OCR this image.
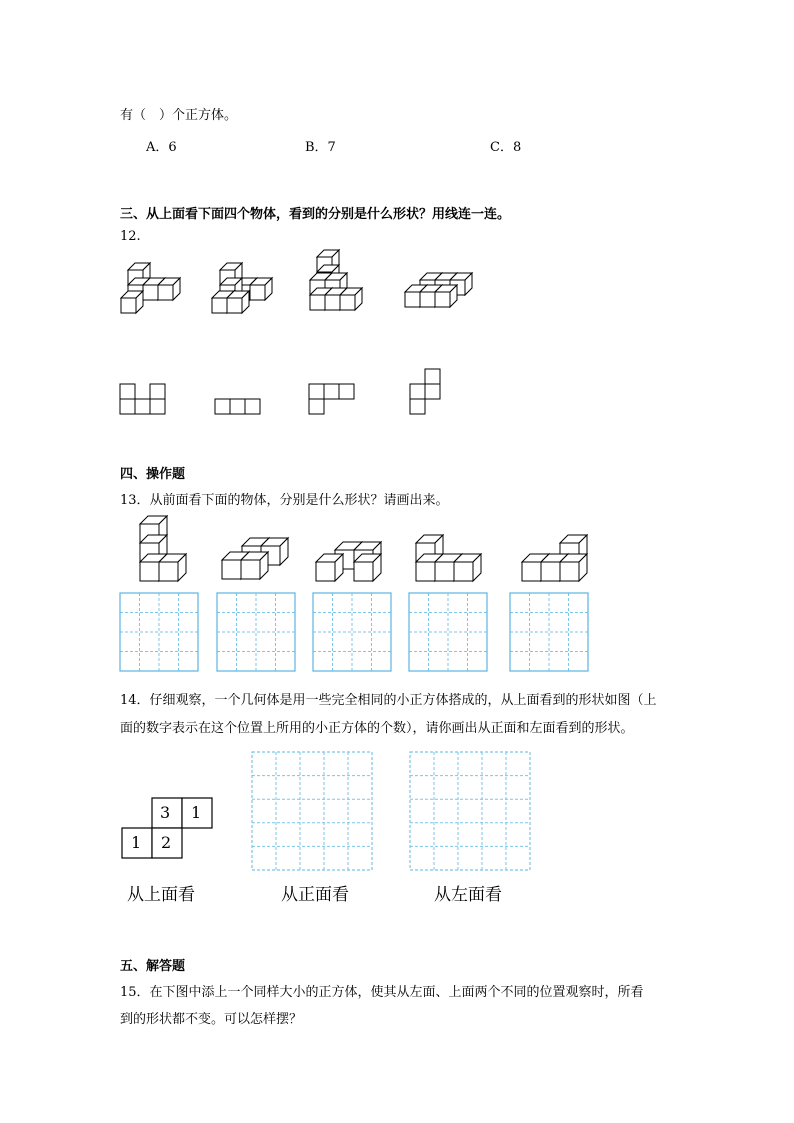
有（　）个正方体。
A．6	B．7	C．8
三、从上面看下面四个物体，看到的分别是什么形状？用线连一连。
12.
四、操作题
13．从前面看下面的物体，分别是什么形状？请画出来。
14．仔细观察，一个几何体是用一些完全相同的小正方体搭成的，从上面看到的形状如图（上
面的数字表示在这个位置上所用的小正方体的个数），请你画出从正面和左面看到的形状。
3 1
1 2
从上面看	从正面看	从左面看
五、解答题
15．在下图中添上一个同样大小的正方体，使其从左面、上面两个不同的位置观察时，所看
到的形状都不变。可以怎样摆？
